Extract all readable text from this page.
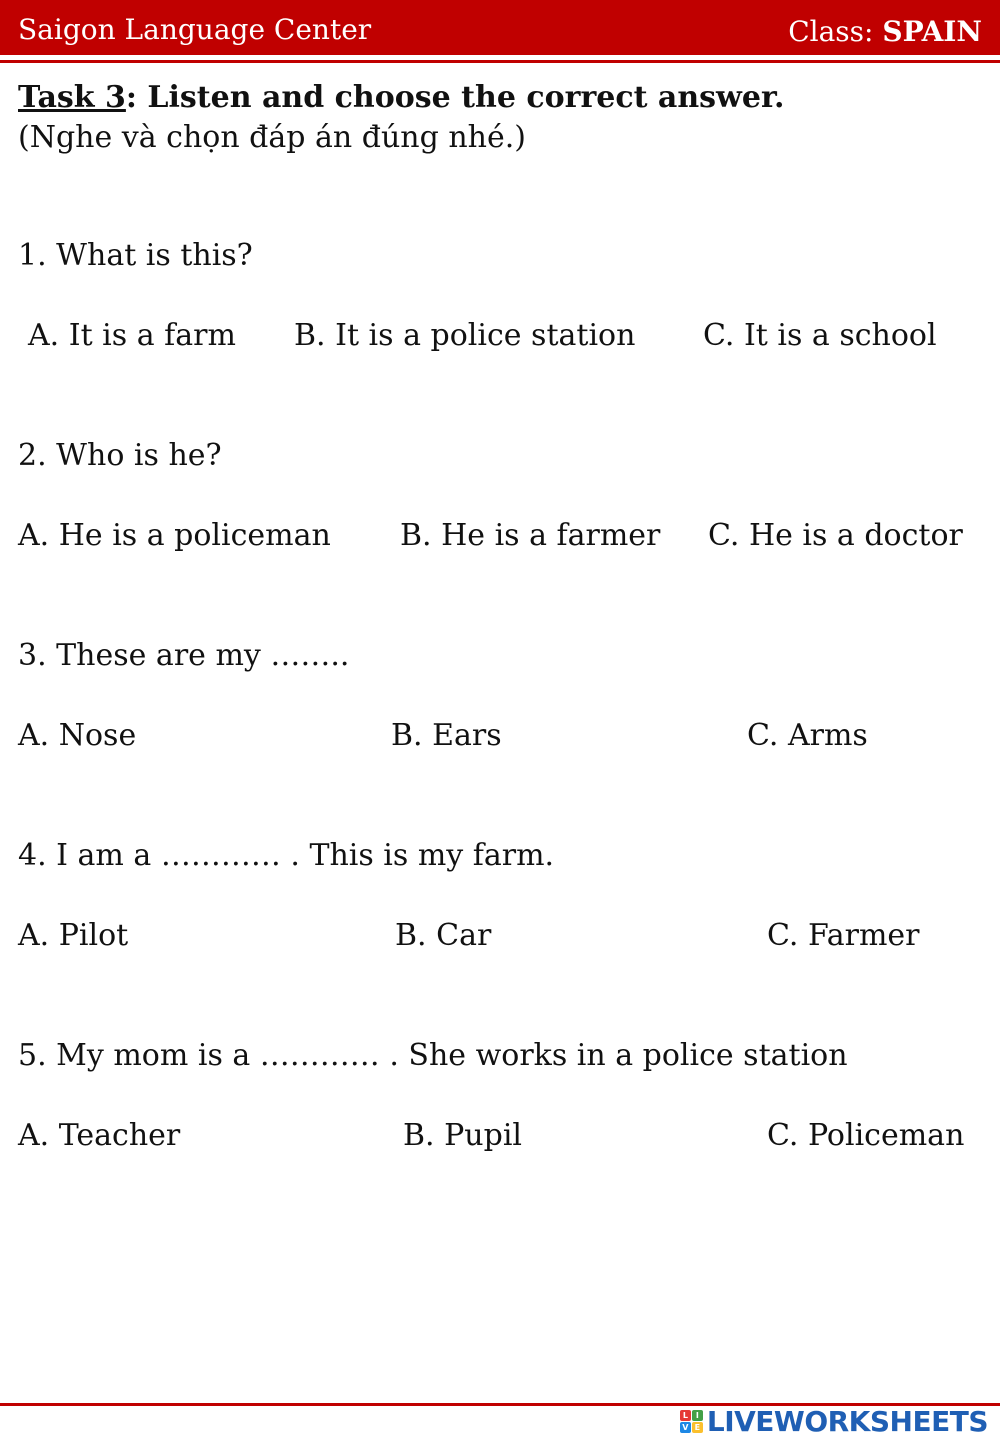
Saigon Language Center	Class: SPAIN
Task 3: Listen and choose the correct answer.
(Nghe và chọn đáp án đúng nhé.)
1. What is this?
A. It is a farm B. It is a police station C. It is a school
2. Who is he?
A. He is a policeman B. He is a farmer C. He is a doctor
3. These are my ……..
A. Nose	B. Ears	C. Arms
4. I am a ………… . This is my farm.
A. Pilot	B. Car	C. Farmer
5. My mom is a ………… . She works in a police station
A. Teacher	B. Pupil	C. Policeman
L I
V E LIVEWORKSHEETS
